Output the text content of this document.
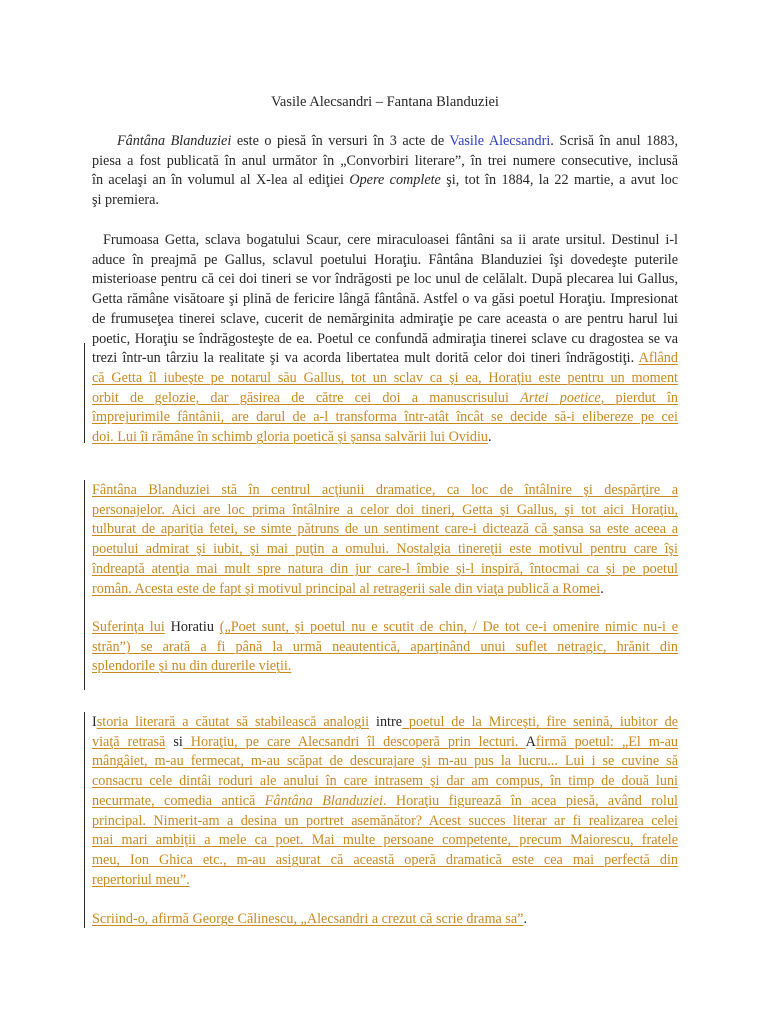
Vasile Alecsandri – Fantana Blanduziei
Fântâna Blanduziei este o piesă în versuri în 3 acte de Vasile Alecsandri. Scrisă în anul 1883,
piesa a fost publicată în anul următor în „Convorbiri literare”, în trei numere consecutive, inclusă
în acelaşi an în volumul al X-lea al ediţiei Opere complete şi, tot în 1884, la 22 martie, a avut loc
şi premiera.
Frumoasa Getta, sclava bogatului Scaur, cere miraculoasei fântâni sa ii arate ursitul. Destinul i-l
aduce în preajmă pe Gallus, sclavul poetului Horaţiu. Fântâna Blanduziei îşi dovedeşte puterile
misterioase pentru că cei doi tineri se vor îndrăgosti pe loc unul de celălalt. După plecarea lui Gallus,
Getta rămâne visătoare şi plină de fericire lângă fântână. Astfel o va găsi poetul Horaţiu. Impresionat
de frumuseţea tinerei sclave, cucerit de nemărginita admiraţie pe care aceasta o are pentru harul lui
poetic, Horaţiu se îndrăgosteşte de ea. Poetul ce confundă admiraţia tinerei sclave cu dragostea se va
trezi într-un târziu la realitate şi va acorda libertatea mult dorită celor doi tineri îndrăgostiţi. Aflând
că Getta îl iubeşte pe notarul său Gallus, tot un sclav ca şi ea, Horaţiu este pentru un moment
orbit de gelozie, dar găsirea de către cei doi a manuscrisului Artei poetice, pierdut în
împrejurimile fântânii, are darul de a-l transforma într-atât încât se decide să-i elibereze pe cei
doi. Lui îi rămâne în schimb gloria poetică şi şansa salvării lui Ovidiu.
Fântâna Blanduziei stă în centrul acţiunii dramatice, ca loc de întâlnire şi despărţire a
personajelor. Aici are loc prima întâlnire a celor doi tineri, Getta şi Gallus, şi tot aici Horaţiu,
tulburat de apariţia fetei, se simte pătruns de un sentiment care-i dictează că şansa sa este aceea a
poetului admirat şi iubit, şi mai puţin a omului. Nostalgia tinereţii este motivul pentru care îşi
îndreaptă atenţia mai mult spre natura din jur care-l îmbie şi-l inspiră, întocmai ca şi pe poetul
român. Acesta este de fapt şi motivul principal al retragerii sale din viaţa publică a Romei.
Suferinţa lui Horatiu („Poet sunt, şi poetul nu e scutit de chin, / De tot ce-i omenire nimic nu-i e
străn”) se arată a fi până la urmă neautentică, aparţinând unui suflet netragic, hrănit din
splendorile şi nu din durerile vieţii.
Istoria literară a căutat să stabilească analogii intre poetul de la Mirceşti, fire senină, iubitor de
viaţă retrasă si Horaţiu, pe care Alecsandri îl descoperă prin lecturi. Afirmă poetul: „El m-au
mângâiet, m-au fermecat, m-au scăpat de descurajare şi m-au pus la lucru... Lui i se cuvine să
consacru cele dintâi roduri ale anului în care intrasem şi dar am compus, în timp de două luni
necurmate, comedia antică Fântâna Blanduziei. Horaţiu figurează în acea piesă, având rolul
principal. Nimerit-am a desina un portret asemănător? Acest succes literar ar fi realizarea celei
mai mari ambiţii a mele ca poet. Mai multe persoane competente, precum Maiorescu, fratele
meu, Ion Ghica etc., m-au asigurat că această operă dramatică este cea mai perfectă din
repertoriul meu”.
Scriind-o, afirmă George Călinescu, „Alecsandri a crezut că scrie drama sa”.
